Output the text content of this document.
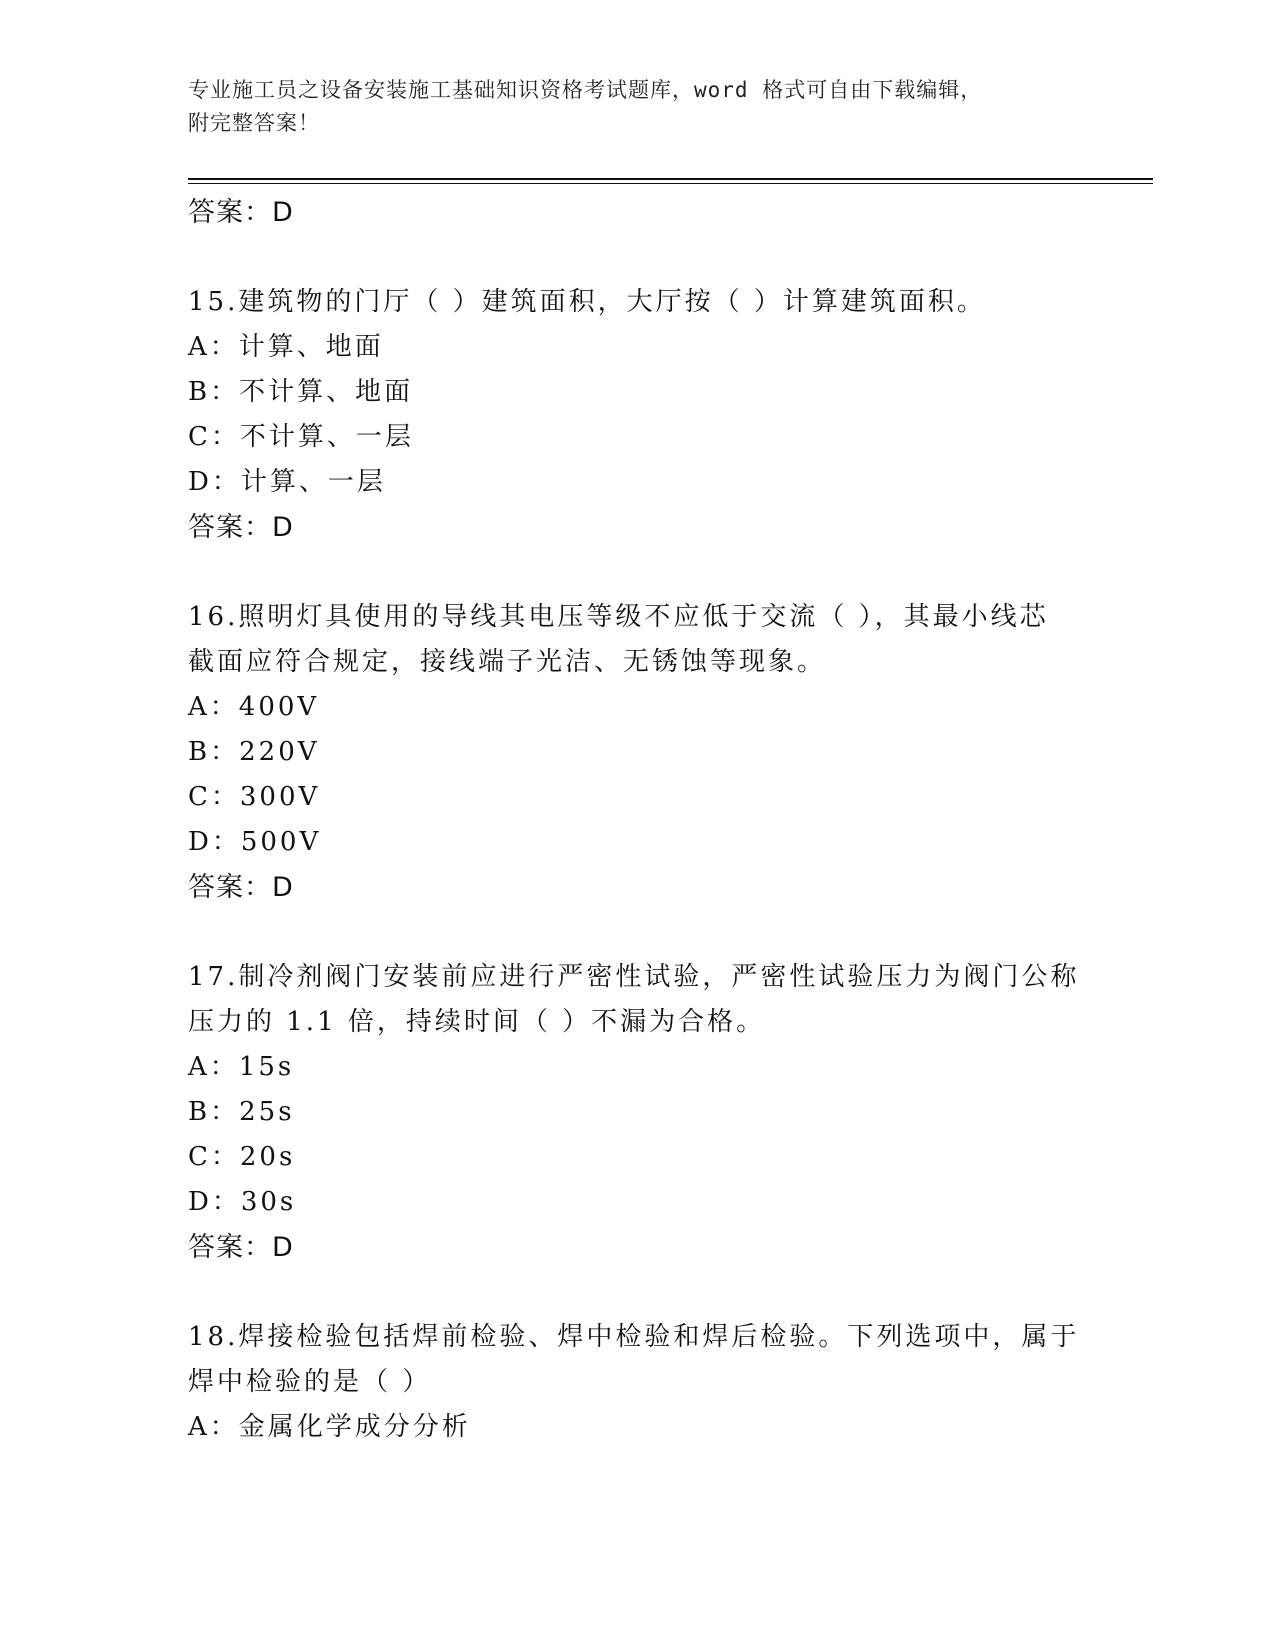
专业施工员之设备安装施工基础知识资格考试题库，word 格式可自由下载编辑，
附完整答案！
答案：D
15.建筑物的门厅（ ）建筑面积，大厅按（ ）计算建筑面积。
A：计算、地面
B：不计算、地面
C：不计算、一层
D：计算、一层
答案：D
16.照明灯具使用的导线其电压等级不应低于交流（ ），其最小线芯
截面应符合规定，接线端子光洁、无锈蚀等现象。
A：400V
B：220V
C：300V
D：500V
答案：D
17.制冷剂阀门安装前应进行严密性试验，严密性试验压力为阀门公称
压力的 1.1 倍，持续时间（ ）不漏为合格。
A：15s
B：25s
C：20s
D：30s
答案：D
18.焊接检验包括焊前检验、焊中检验和焊后检验。下列选项中，属于
焊中检验的是（ ）
A：金属化学成分分析
